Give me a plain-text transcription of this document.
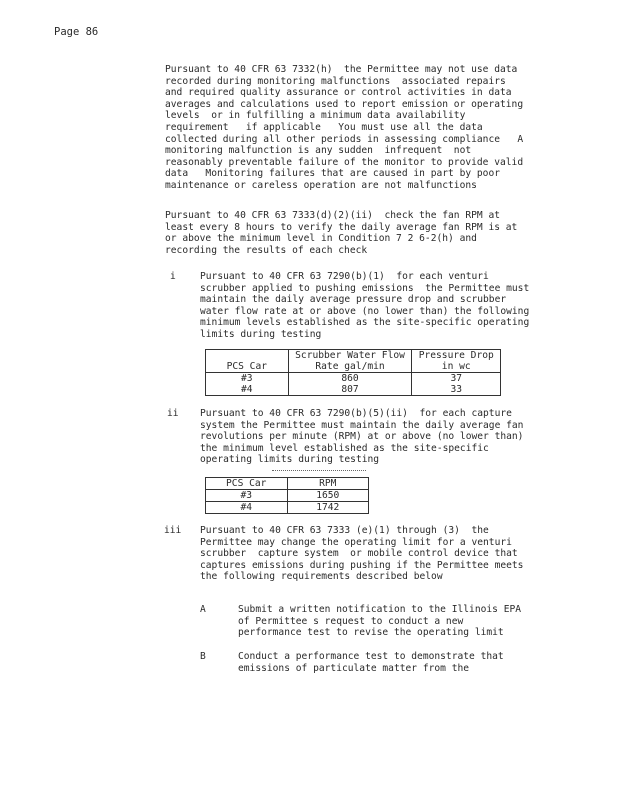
Page 86
Pursuant to 40 CFR 63 7332(h)  the Permittee may not use data recorded during monitoring malfunctions  associated repairs  and required quality assurance or control activities in data averages and calculations used to report emission or operating levels  or in fulfilling a minimum data availability requirement   if applicable   You must use all the data collected during all other periods in assessing compliance   A monitoring malfunction is any sudden  infrequent  not reasonably preventable failure of the monitor to provide valid data   Monitoring failures that are caused in part by poor maintenance or careless operation are not malfunctions
Pursuant to 40 CFR 63 7333(d)(2)(ii)  check the fan RPM at least every 8 hours to verify the daily average fan RPM is at or above the minimum level in Condition 7 2 6-2(h) and recording the results of each check
i	Pursuant to 40 CFR 63 7290(b)(1)  for each venturi scrubber applied to pushing emissions  the Permittee must maintain the daily average pressure drop and scrubber water flow rate at or above (no lower than) the following minimum levels established as the site-specific operating limits during testing
PCS Car	Scrubber Water Flow Rate gal/min	Pressure Drop in wc
#3	860	37
#4	807	33
ii Pursuant to 40 CFR 63 7290(b)(5)(ii)  for each capture system the Permittee must maintain the daily average fan revolutions per minute (RPM) at or above (no lower than) the minimum level established as the site-specific operating limits during testing
PCS Car	RPM
#3	1650
#4	1742
iii Pursuant to 40 CFR 63 7333 (e)(1) through (3)  the Permittee may change the operating limit for a venturi scrubber  capture system  or mobile control device that captures emissions during pushing if the Permittee meets the following requirements described below
A	Submit a written notification to the Illinois EPA of Permittee s request to conduct a new performance test to revise the operating limit
B	Conduct a performance test to demonstrate that emissions of particulate matter from the
